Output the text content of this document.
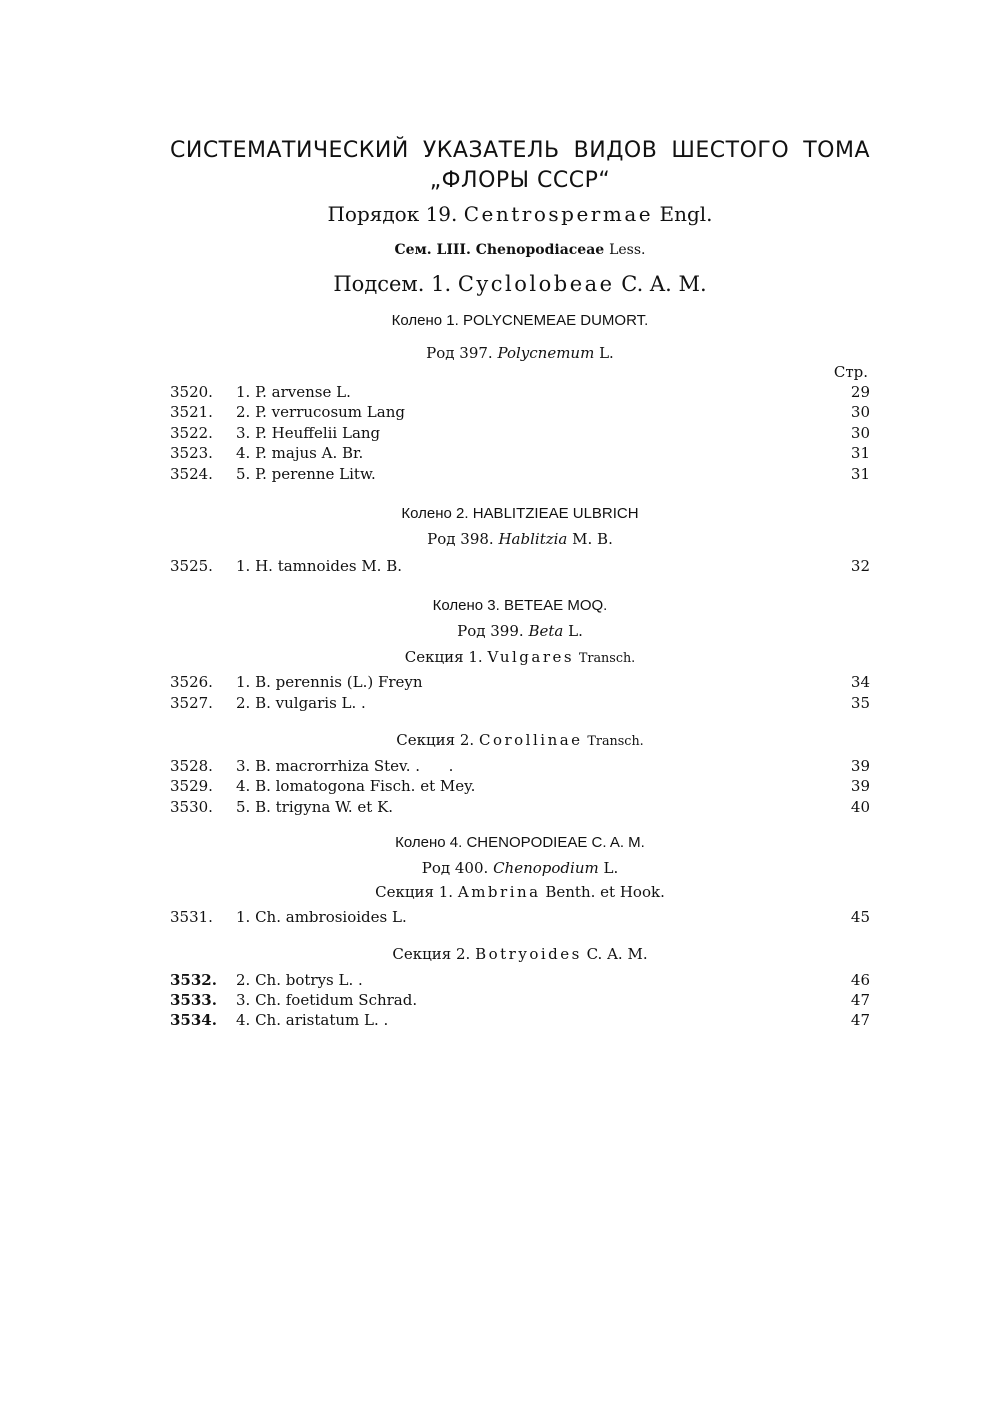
СИСТЕМАТИЧЕСКИЙ УКАЗАТЕЛЬ ВИДОВ ШЕСТОГО ТОМА
„ФЛОРЫ СССР“
Порядок 19. Centrospermae Engl.
Сем. LIII. Chenopodiaceae Less.
Подсем. 1. Cyclolobeae C. A. M.
Колено 1. POLYCNEMEAE DUMORT.
Род 397. Polycnemum L.
Стр.
3520. 1. P. arvense L.	29
3521. 2. P. verrucosum Lang	30
3522. 3. P. Heuffelii Lang	30
3523. 4. P. majus A. Br.	31
3524. 5. P. perenne Litw.	31
Колено 2. HABLITZIEAE ULBRICH
Род 398. Hablitzia M. B.
3525. 1. H. tamnoides M. B.	32
Колено 3. BETEAE MOQ.
Род 399. Beta L.
Секция 1. Vulgares Transch.
3526. 1. B. perennis (L.) Freyn	34
3527. 2. B. vulgaris L. .	35
Секция 2. Corollinae Transch.
3528. 3. B. macrorrhiza Stev. .      .	39
3529. 4. B. lomatogona Fisch. et Mey.	39
3530. 5. B. trigyna W. et K.	40
Колено 4. CHENOPODIEAE C. A. M.
Род 400. Chenopodium L.
Секция 1. Ambrina Benth. et Hook.
3531. 1. Ch. ambrosioides L.	45
Секция 2. Botryoides C. A. M.
3532. 2. Ch. botrys L. .	46
3533. 3. Ch. foetidum Schrad.	47
3534. 4. Ch. aristatum L. .	47
